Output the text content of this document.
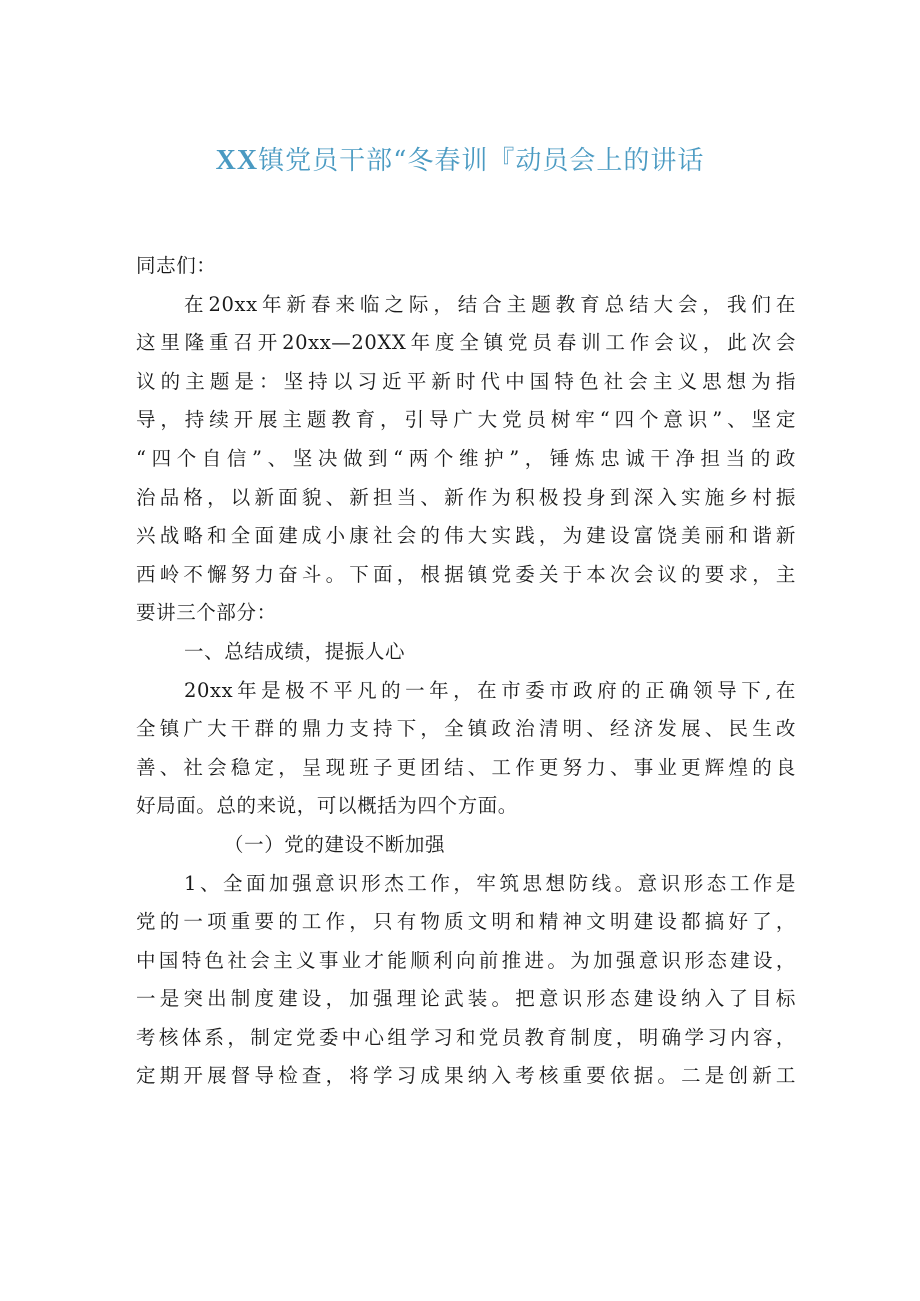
XX镇党员干部“冬春训『动员会上的讲话
同志们：
在20xx年新春来临之际，结合主题教育总结大会，我们在
这里隆重召开20xx—20XX年度全镇党员春训工作会议，此次会
议的主题是：坚持以习近平新时代中国特色社会主义思想为指
导，持续开展主题教育，引导广大党员树牢“四个意识”、坚定
“四个自信”、坚决做到“两个维护”，锤炼忠诚干净担当的政
治品格，以新面貌、新担当、新作为积极投身到深入实施乡村振
兴战略和全面建成小康社会的伟大实践，为建设富饶美丽和谐新
西岭不懈努力奋斗。下面，根据镇党委关于本次会议的要求，主
要讲三个部分：
一、总结成绩，提振人心
20xx年是极不平凡的一年，在市委市政府的正确领导下,在
全镇广大干群的鼎力支持下，全镇政治清明、经济发展、民生改
善、社会稳定，呈现班子更团结、工作更努力、事业更辉煌的良
好局面。总的来说，可以概括为四个方面。
（一）党的建设不断加强
1、全面加强意识形杰工作，牢筑思想防线。意识形态工作是
党的一项重要的工作，只有物质文明和精神文明建设都搞好了，
中国特色社会主义事业才能顺利向前推进。为加强意识形态建设，
一是突出制度建设，加强理论武装。把意识形态建设纳入了目标
考核体系，制定党委中心组学习和党员教育制度，明确学习内容，
定期开展督导检查，将学习成果纳入考核重要依据。二是创新工
